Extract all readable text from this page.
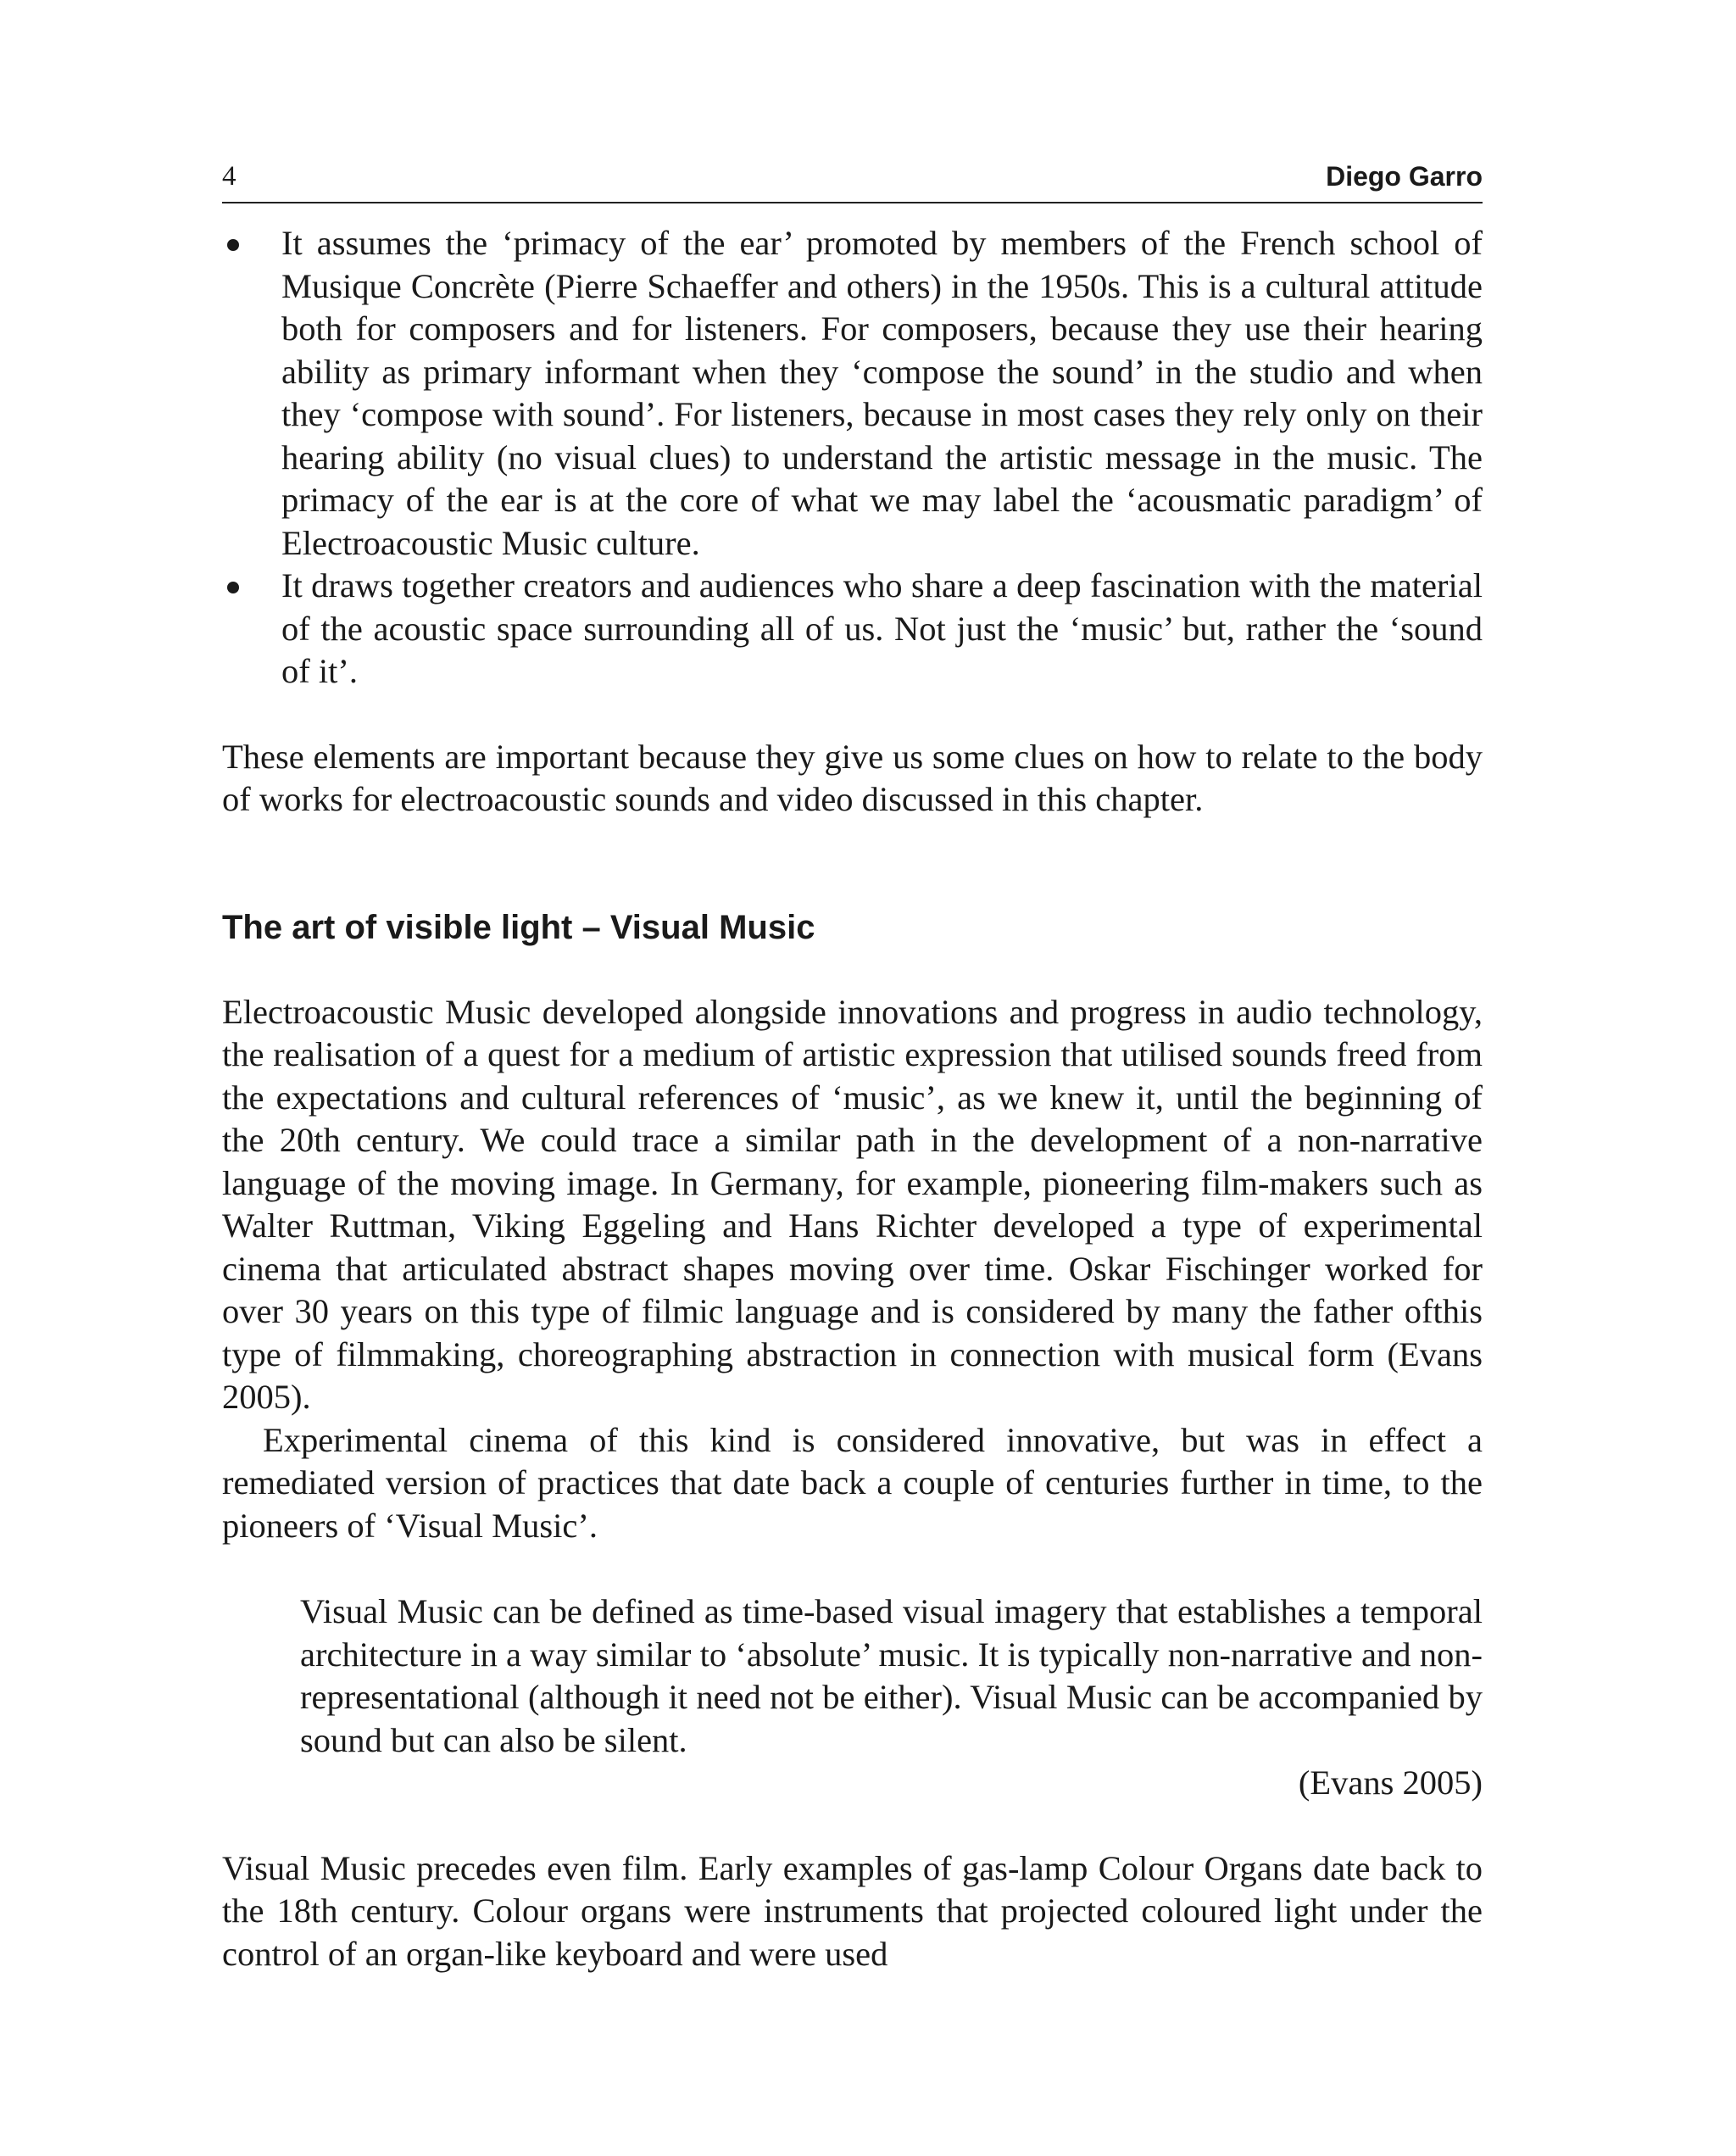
4	Diego Garro
It assumes the ‘primacy of the ear’ promoted by members of the French school of Musique Concrète (Pierre Schaeffer and others) in the 1950s. This is a cultural attitude both for composers and for listeners. For composers, because they use their hearing ability as primary informant when they ‘compose the sound’ in the studio and when they ‘compose with sound’. For listeners, because in most cases they rely only on their hearing ability (no visual clues) to understand the artistic message in the music. The primacy of the ear is at the core of what we may label the ‘acousmatic paradigm’ of Electroacoustic Music culture.
It draws together creators and audiences who share a deep fascination with the material of the acoustic space surrounding all of us. Not just the ‘music’ but, rather the ‘sound of it’.

These elements are important because they give us some clues on how to relate to the body of works for electroacoustic sounds and video discussed in this chapter.

The art of visible light – Visual Music

Electroacoustic Music developed alongside innovations and progress in audio technology, the realisation of a quest for a medium of artistic expression that utilised sounds freed from the expectations and cultural references of ‘music’, as we knew it, until the beginning of the 20th century. We could trace a similar path in the development of a non-narrative language of the moving image. In Germany, for example, pioneering film-makers such as Walter Ruttman, Viking Eggeling and Hans Richter developed a type of experimental cinema that articulated abstract shapes moving over time. Oskar Fischinger worked for over 30 years on this type of filmic language and is considered by many the father ofthis type of filmmaking, choreographing abstraction in connection with musical form (Evans 2005).

Experimental cinema of this kind is considered innovative, but was in effect a remediated version of practices that date back a couple of centuries further in time, to the pioneers of ‘Visual Music’.

Visual Music can be defined as time-based visual imagery that establishes a temporal architecture in a way similar to ‘absolute’ music. It is typically non-narrative and non-representational (although it need not be either). Visual Music can be accompanied by sound but can also be silent.

(Evans 2005)

Visual Music precedes even film. Early examples of gas-lamp Colour Organs date back to the 18th century. Colour organs were instruments that projected coloured light under the control of an organ-like keyboard and were used
